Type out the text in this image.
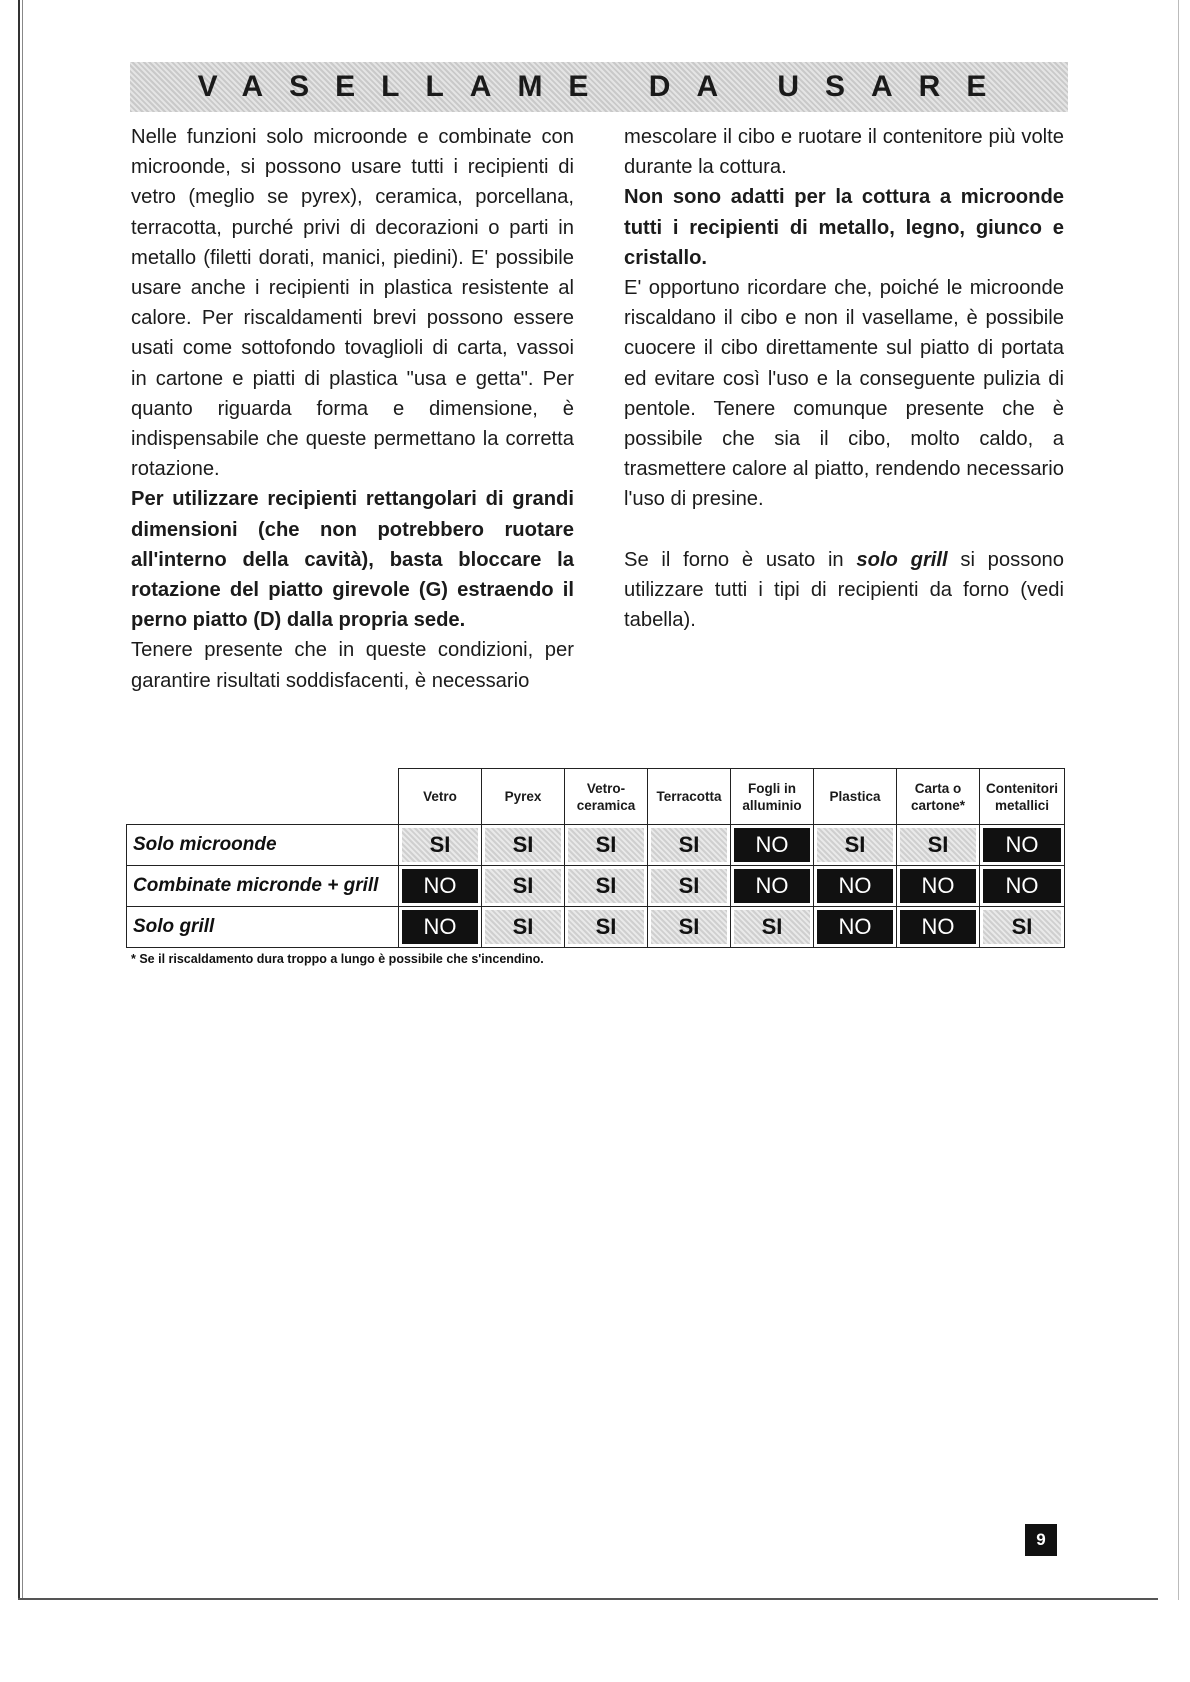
VASELLAME DA USARE

Nelle funzioni solo microonde e combinate con microonde, si possono usare tutti i recipienti di vetro (meglio se pyrex), ceramica, porcellana, terracotta, purché privi di decorazioni o parti in metallo (filetti dorati, manici, piedini). E' possibile usare anche i recipienti in plastica resistente al calore. Per riscaldamenti brevi possono essere usati come sottofondo tovaglioli di carta, vassoi in cartone e piatti di plastica "usa e getta". Per quanto riguarda forma e dimensione, è indispensabile che queste permettano la corretta rotazione.

Per utilizzare recipienti rettangolari di grandi dimensioni (che non potrebbero ruotare all'interno della cavità), basta bloccare la rotazione del piatto girevole (G) estraendo il perno piatto (D) dalla propria sede.

Tenere presente che in queste condizioni, per garantire risultati soddisfacenti, è necessario

mescolare il cibo e ruotare il contenitore più volte durante la cottura.

Non sono adatti per la cottura a microonde tutti i recipienti di metallo, legno, giunco e cristallo.

E' opportuno ricordare che, poiché le microonde riscaldano il cibo e non il vasellame, è possibile cuocere il cibo direttamente sul piatto di portata ed evitare così l'uso e la conseguente pulizia di pentole. Tenere comunque presente che è possibile che sia il cibo, molto caldo, a trasmettere calore al piatto, rendendo necessario l'uso di presine.

Se il forno è usato in solo grill si possono utilizzare tutti i tipi di recipienti da forno (vedi tabella).

	Vetro	Pyrex	Vetro-ceramica	Terracotta	Fogli in alluminio	Plastica	Carta o cartone*	Contenitori metallici
Solo microonde	SI	SI	SI	SI	NO	SI	SI	NO

Combinate micronde + grill	NO	SI	SI	SI	NO	NO	NO	NO

Solo grill	NO	SI	SI	SI	SI	NO	NO	SI
* Se il riscaldamento dura troppo a lungo è possibile che s'incendino.
9
